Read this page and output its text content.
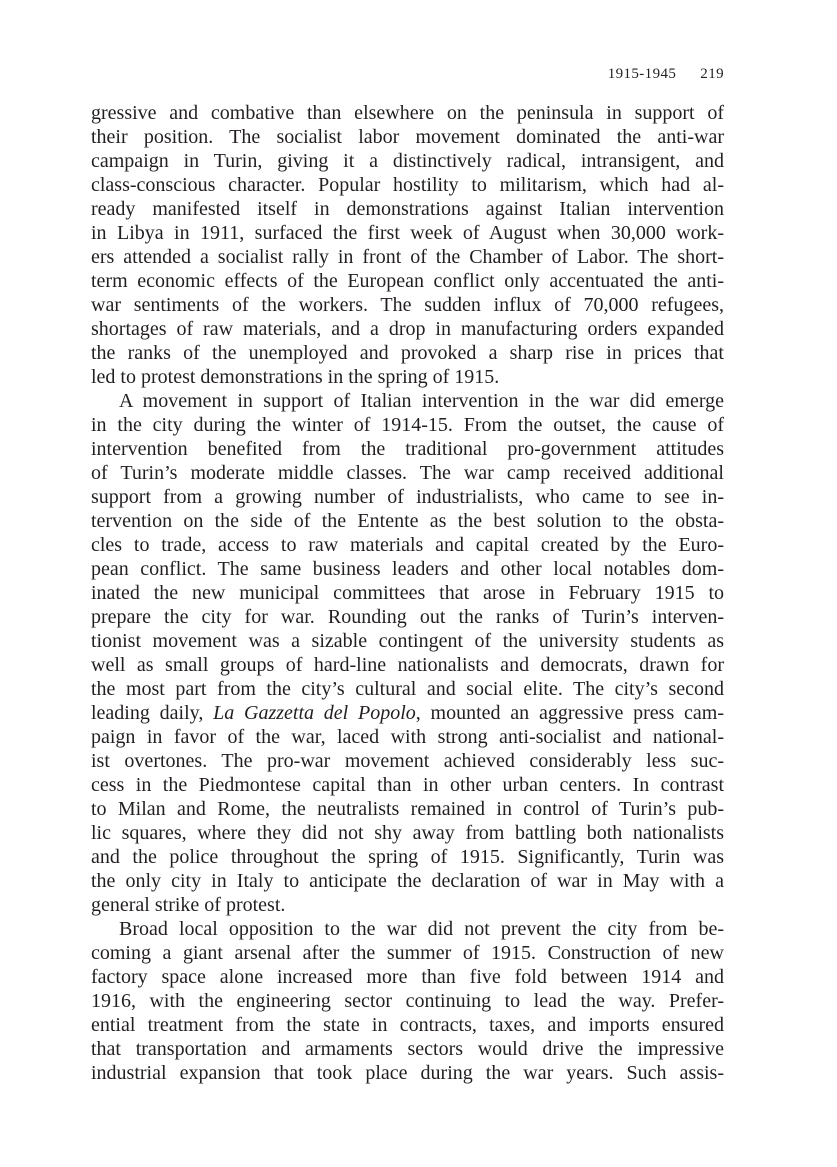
1915-1945 219
gressive and combative than elsewhere on the peninsula in support of
their position. The socialist labor movement dominated the anti-war
campaign in Turin, giving it a distinctively radical, intransigent, and
class-conscious character. Popular hostility to militarism, which had al-
ready manifested itself in demonstrations against Italian intervention
in Libya in 1911, surfaced the first week of August when 30,000 work-
ers attended a socialist rally in front of the Chamber of Labor. The short-
term economic effects of the European conflict only accentuated the anti-
war sentiments of the workers. The sudden influx of 70,000 refugees,
shortages of raw materials, and a drop in manufacturing orders expanded
the ranks of the unemployed and provoked a sharp rise in prices that
led to protest demonstrations in the spring of 1915.
A movement in support of Italian intervention in the war did emerge
in the city during the winter of 1914-15. From the outset, the cause of
intervention benefited from the traditional pro-government attitudes
of Turin’s moderate middle classes. The war camp received additional
support from a growing number of industrialists, who came to see in-
tervention on the side of the Entente as the best solution to the obsta-
cles to trade, access to raw materials and capital created by the Euro-
pean conflict. The same business leaders and other local notables dom-
inated the new municipal committees that arose in February 1915 to
prepare the city for war. Rounding out the ranks of Turin’s interven-
tionist movement was a sizable contingent of the university students as
well as small groups of hard-line nationalists and democrats, drawn for
the most part from the city’s cultural and social elite. The city’s second
leading daily, La Gazzetta del Popolo, mounted an aggressive press cam-
paign in favor of the war, laced with strong anti-socialist and national-
ist overtones. The pro-war movement achieved considerably less suc-
cess in the Piedmontese capital than in other urban centers. In contrast
to Milan and Rome, the neutralists remained in control of Turin’s pub-
lic squares, where they did not shy away from battling both nationalists
and the police throughout the spring of 1915. Significantly, Turin was
the only city in Italy to anticipate the declaration of war in May with a
general strike of protest.
Broad local opposition to the war did not prevent the city from be-
coming a giant arsenal after the summer of 1915. Construction of new
factory space alone increased more than five fold between 1914 and
1916, with the engineering sector continuing to lead the way. Prefer-
ential treatment from the state in contracts, taxes, and imports ensured
that transportation and armaments sectors would drive the impressive
industrial expansion that took place during the war years. Such assis-
